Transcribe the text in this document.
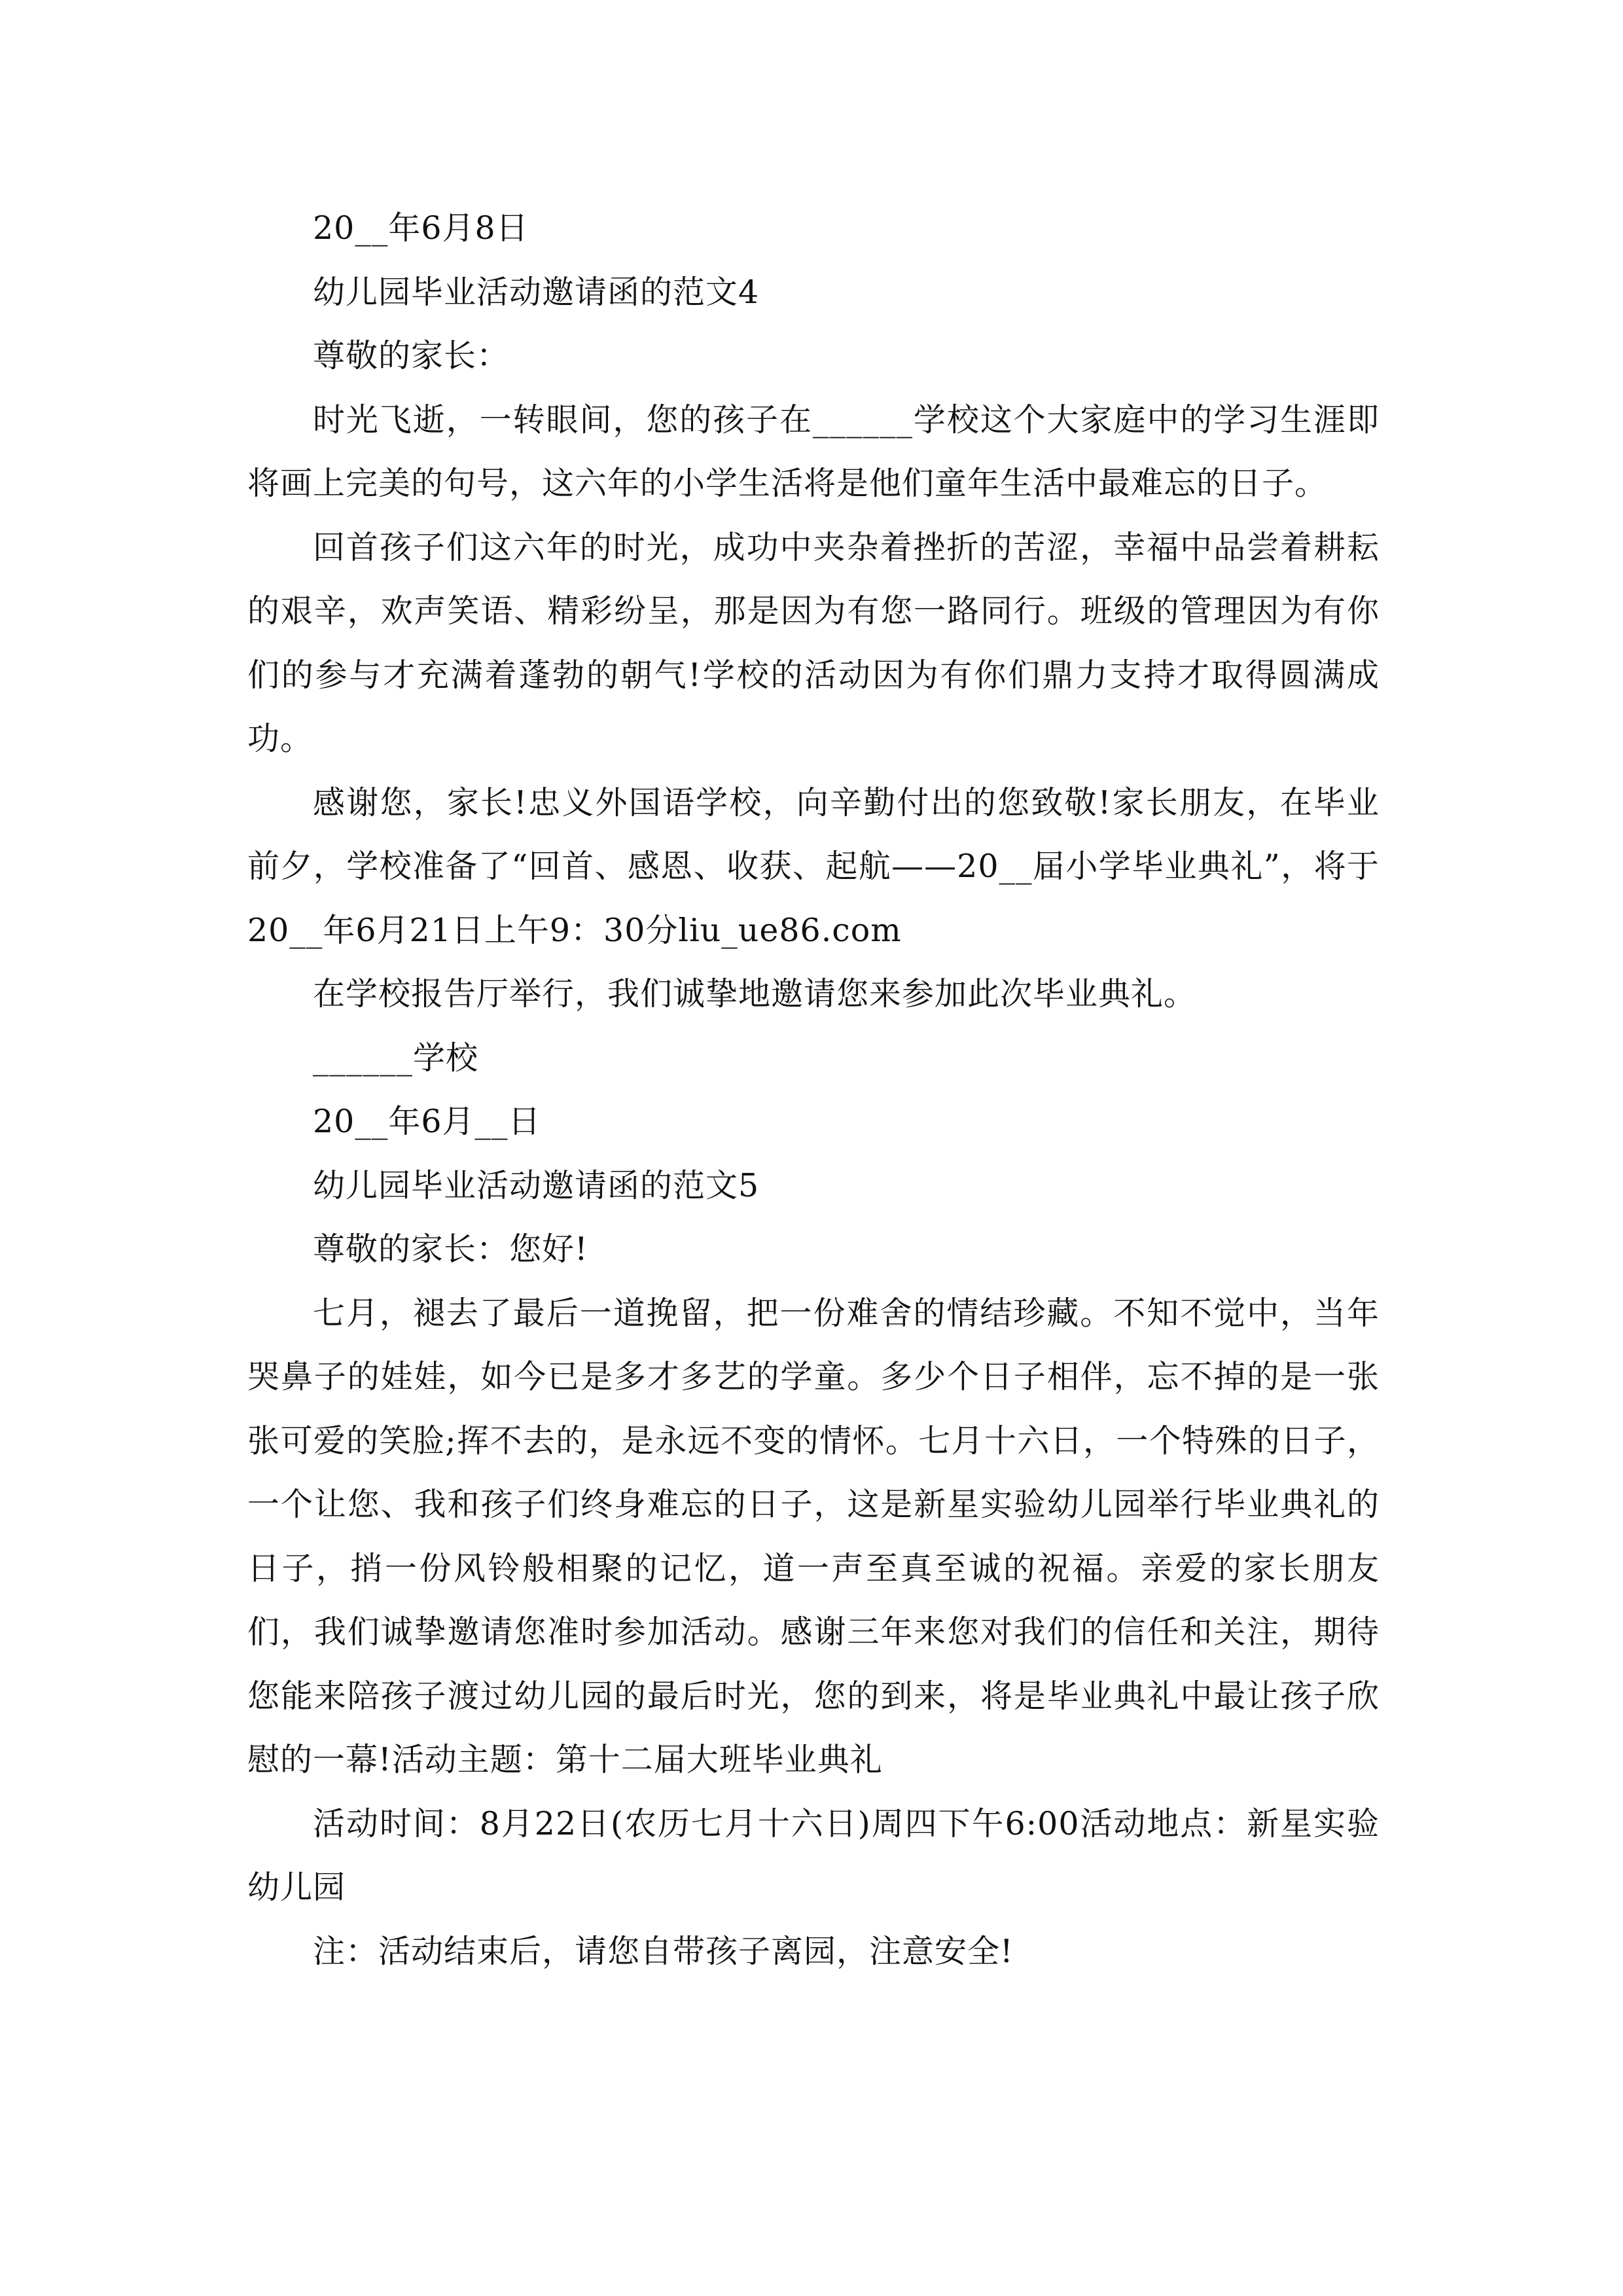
20__年6月8日

幼儿园毕业活动邀请函的范文4

尊敬的家长：

时光飞逝，一转眼间，您的孩子在______学校这个大家庭中的学习生涯即将画上完美的句号，这六年的小学生活将是他们童年生活中最难忘的日子。

回首孩子们这六年的时光，成功中夹杂着挫折的苦涩，幸福中品尝着耕耘的艰辛，欢声笑语、精彩纷呈，那是因为有您一路同行。班级的管理因为有你们的参与才充满着蓬勃的朝气!学校的活动因为有你们鼎力支持才取得圆满成功。

感谢您，家长!忠义外国语学校，向辛勤付出的您致敬!家长朋友，在毕业前夕，学校准备了“回首、感恩、收获、起航——20__届小学毕业典礼”，将于20__年6月21日上午9：30分liu_ue86.com

在学校报告厅举行，我们诚挚地邀请您来参加此次毕业典礼。

______学校

20__年6月__日

幼儿园毕业活动邀请函的范文5

尊敬的家长：您好!

七月，褪去了最后一道挽留，把一份难舍的情结珍藏。不知不觉中，当年哭鼻子的娃娃，如今已是多才多艺的学童。多少个日子相伴，忘不掉的是一张张可爱的笑脸;挥不去的，是永远不变的情怀。七月十六日，一个特殊的日子，一个让您、我和孩子们终身难忘的日子，这是新星实验幼儿园举行毕业典礼的日子，捎一份风铃般相聚的记忆，道一声至真至诚的祝福。亲爱的家长朋友们，我们诚挚邀请您准时参加活动。感谢三年来您对我们的信任和关注，期待您能来陪孩子渡过幼儿园的最后时光，您的到来，将是毕业典礼中最让孩子欣慰的一幕!活动主题：第十二届大班毕业典礼

活动时间：8月22日(农历七月十六日)周四下午6:00活动地点：新星实验幼儿园

注：活动结束后，请您自带孩子离园，注意安全!
